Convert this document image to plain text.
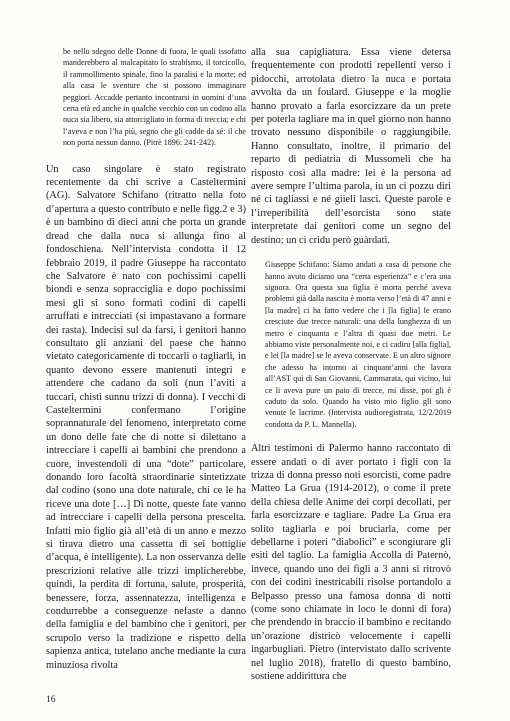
be nello sdegno delle Donne di fuora, le quali issofatto manderebbero al malcapitato lo strabismo, il torcicollo, il rammollimento spinale, fino la paralisi e la morte; ed alla casa le sventure che si possono immaginare peggiori. Accadde pertanto incontrarsi in uomini d’una certa età ed anche in qualche vecchio con un codino alla nuca sia libero, sia attorcigliato in forma di treccia; e chi l’aveva e non l’ha più, segno che gli cadde da sé: il che non porta nessun danno. (Pitrè 1896: 241-242).

Un caso singolare è stato registrato recentemente da chi scrive a Casteltermini (AG). Salvatore Schifano (ritratto nella foto d’apertura a questo contributo e nelle figg.2 e 3) è un bambino di dieci anni che porta un grande dread che dalla nuca si allunga fino al fondoschiena. Nell’intervista condotta il 12 febbraio 2019, il padre Giuseppe ha raccontato che Salvatore è nato con pochissimi capelli biondi e senza sopracciglia e dopo pochissimi mesi gli si sono formati codini di capelli arruffati e intrecciati (si impastavano a formare dei rasta). Indecisi sul da farsi, i genitori hanno consultato gli anziani del paese che hanno vietato categoricamente di toccarli o tagliarli, in quanto devono essere mantenuti integri e attendere che cadano da soli (nun l’aviti a tuccari, chisti sunnu trizzi di donna). I vecchi di Casteltermini confermano l’origine soprannaturale del fenomeno, interpretato come un dono delle fate che di notte si dilettano a intrecciare i capelli ai bambini che prendono a cuore, investendoli di una “dote” particolare, donando loro facoltà straordinarie sintetizzate dal codino (sono una dote naturale, chi ce le ha riceve una dote […] Di notte, queste fate vanno ad intrecciare i capelli della persona prescelta. Infatti mio figlio già all’età di un anno e mezzo si tirava dietro una cassetta di sei bottiglie d’acqua, è intelligente). La non osservanza delle prescrizioni relative alle trizzi implicherebbe, quindi, la perdita di fortuna, salute, prosperità, benessere, forza, assennatezza, intelligenza e condurrebbe a conseguenze nefaste a danno della famiglia e del bambino che i genitori, per scrupolo verso la tradizione e rispetto della sapienza antica, tutelano anche mediante la cura minuziosa rivolta

alla sua capigliatura. Essa viene detersa frequentemente con prodotti repellenti verso i pidocchi, arrotolata dietro la nuca e portata avvolta da un foulard. Giuseppe e la moglie hanno provato a farla esorcizzare da un prete per poterla tagliare ma in quel giorno non hanno trovato nessuno disponibile o raggiungibile. Hanno consultato, inoltre, il primario del reparto di pediatria di Mussomeli che ha risposto così alla madre: lei è la persona ad avere sempre l’ultima parola, iu un ci pozzu diri né ci tagliassi e né giieli lasci. Queste parole e l’irreperibilità dell’esorcista sono state interpretate dai genitori come un segno del destino; un ci cridu però guàrdati.

Giuseppe Schifano: Siamo andati a casa di persone che hanno avuto diciamo una “certa esperienza” e c’era una signora. Ora questa sua figlia è morta perché aveva problemi già dalla nascita è morta verso l’età di 47 anni e [la madre] ci ha fatto vedere che i [la figlia] le erano cresciute due trecce naturali: una della lunghezza di un metro e cinquanta e l’altra di quasi due metri. Le abbiamo viste personalmente noi, e ci cadiru [alla figlia], e lei [la madre] se le aveva conservate. E un altro signore che adesso ha intorno ai cinquant’anni che lavora all’AST qui di San Giovanni, Cammarata, qui vicino, lui ce li aveva pure un paio di trecce, mi disse, poi gli è caduto da solo. Quando ha visto mio figlio gli sono venute le lacrime. (Intervista audioregistrata, 12/2/2019 condotta da P. L. Mannella).

Altri testimoni di Palermo hanno raccontato di essere andati o di aver portato i figli con la trizza di donna presso noti esorcisti, come padre Matteo La Grua (1914-2012), o come il prete della chiesa delle Anime dei corpi decollati, per farla esorcizzare e tagliare. Padre La Grua era solito tagliarla e poi bruciarla, come per debellarne i poteri “diabolici” e scongiurare gli esiti del taglio. La famiglia Accolla di Paternò, invece, quando uno dei figli a 3 anni si ritrovò con dei codini inestricabili risolse portandolo a Belpasso presso una famosa donna di notti (come sono chiamate in loco le donni di fora) che prendendo in braccio il bambino e recitando un’orazione districò velocemente i capelli ingarbugliati. Pietro (intervistato dallo scrivente nel luglio 2018), fratello di questo bambino, sostiene addirittura che

16
